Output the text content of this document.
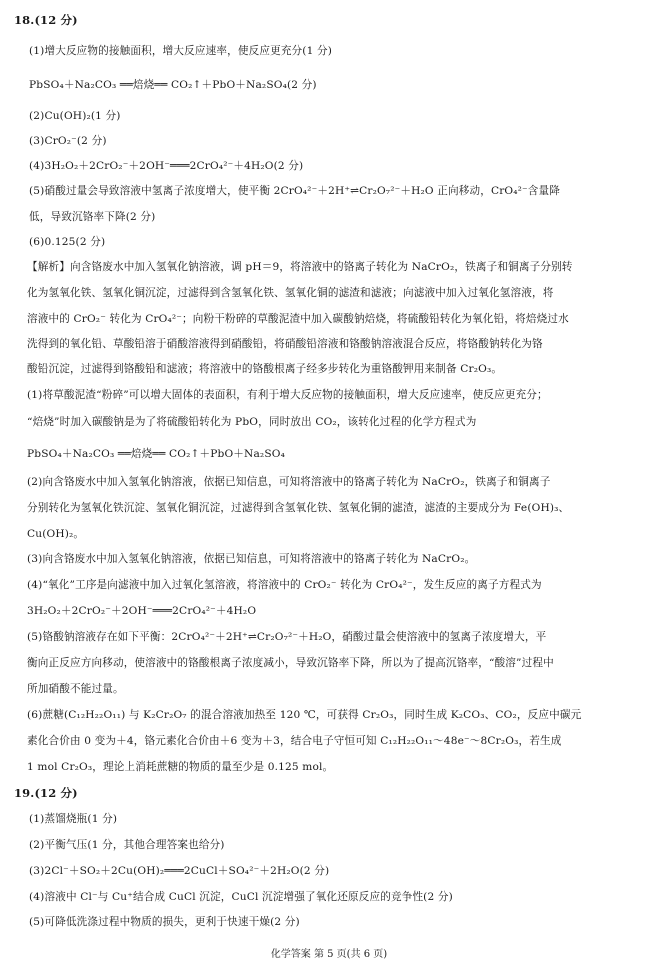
18.(12 分)
(1)增大反应物的接触面积，增大反应速率，使反应更充分(1 分)
PbSO₄＋Na₂CO₃ ══焙烧══ CO₂↑＋PbO＋Na₂SO₄(2 分)
(2)Cu(OH)₂(1 分)
(3)CrO₂⁻(2 分)
(4)3H₂O₂＋2CrO₂⁻＋2OH⁻═══2CrO₄²⁻＋4H₂O(2 分)
(5)硝酸过量会导致溶液中氢离子浓度增大，使平衡 2CrO₄²⁻＋2H⁺⇌Cr₂O₇²⁻＋H₂O 正向移动，CrO₄²⁻含量降
低，导致沉铬率下降(2 分)
(6)0.125(2 分)
【解析】向含铬废水中加入氢氧化钠溶液，调 pH＝9，将溶液中的铬离子转化为 NaCrO₂，铁离子和铜离子分别转
化为氢氧化铁、氢氧化铜沉淀，过滤得到含氢氧化铁、氢氧化铜的滤渣和滤液；向滤液中加入过氧化氢溶液，将
溶液中的 CrO₂⁻ 转化为 CrO₄²⁻；向粉干粉碎的草酸泥渣中加入碳酸钠焙烧，将硫酸铅转化为氧化铅，将焙烧过水
洗得到的氧化铅、草酸铅溶于硝酸溶液得到硝酸铅，将硝酸铅溶液和铬酸钠溶液混合反应，将铬酸钠转化为铬
酸铅沉淀，过滤得到铬酸铅和滤液；将溶液中的铬酸根离子经多步转化为重铬酸钾用来制备 Cr₂O₃。
(1)将草酸泥渣“粉碎”可以增大固体的表面积，有利于增大反应物的接触面积，增大反应速率，使反应更充分；
“焙烧”时加入碳酸钠是为了将硫酸铅转化为 PbO，同时放出 CO₂，该转化过程的化学方程式为
PbSO₄＋Na₂CO₃ ══焙烧══ CO₂↑＋PbO＋Na₂SO₄
(2)向含铬废水中加入氢氧化钠溶液，依据已知信息，可知将溶液中的铬离子转化为 NaCrO₂，铁离子和铜离子
分别转化为氢氧化铁沉淀、氢氧化铜沉淀，过滤得到含氢氧化铁、氢氧化铜的滤渣，滤渣的主要成分为 Fe(OH)₃、
Cu(OH)₂。
(3)向含铬废水中加入氢氧化钠溶液，依据已知信息，可知将溶液中的铬离子转化为 NaCrO₂。
(4)“氧化”工序是向滤液中加入过氧化氢溶液，将溶液中的 CrO₂⁻ 转化为 CrO₄²⁻，发生反应的离子方程式为
3H₂O₂＋2CrO₂⁻＋2OH⁻═══2CrO₄²⁻＋4H₂O
(5)铬酸钠溶液存在如下平衡：2CrO₄²⁻＋2H⁺⇌Cr₂O₇²⁻＋H₂O，硝酸过量会使溶液中的氢离子浓度增大，平
衡向正反应方向移动，使溶液中的铬酸根离子浓度减小，导致沉铬率下降，所以为了提高沉铬率，“酸溶”过程中
所加硝酸不能过量。
(6)蔗糖(C₁₂H₂₂O₁₁) 与 K₂Cr₂O₇ 的混合溶液加热至 120 ℃，可获得 Cr₂O₃，同时生成 K₂CO₃、CO₂，反应中碳元
素化合价由 0 变为＋4，铬元素化合价由＋6 变为＋3，结合电子守恒可知 C₁₂H₂₂O₁₁～48e⁻～8Cr₂O₃，若生成
1 mol Cr₂O₃，理论上消耗蔗糖的物质的量至少是 0.125 mol。
19.(12 分)
(1)蒸馏烧瓶(1 分)
(2)平衡气压(1 分，其他合理答案也给分)
(3)2Cl⁻＋SO₂＋2Cu(OH)₂═══2CuCl＋SO₄²⁻＋2H₂O(2 分)
(4)溶液中 Cl⁻与 Cu⁺结合成 CuCl 沉淀，CuCl 沉淀增强了氧化还原反应的竞争性(2 分)
(5)可降低洗涤过程中物质的损失，更利于快速干燥(2 分)
化学答案 第 5 页(共 6 页)
